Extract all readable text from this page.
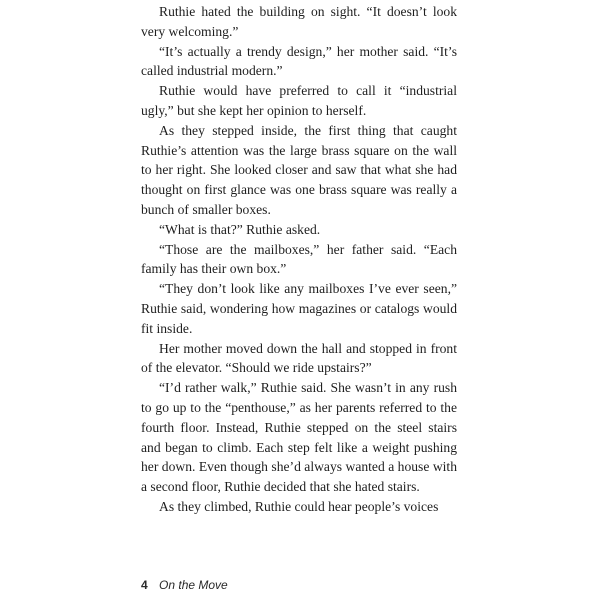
Ruthie hated the building on sight. “It doesn’t look very welcoming.”

“It’s actually a trendy design,” her mother said. “It’s called industrial modern.”

Ruthie would have preferred to call it “industrial ugly,” but she kept her opinion to herself.

As they stepped inside, the first thing that caught Ruthie’s attention was the large brass square on the wall to her right. She looked closer and saw that what she had thought on first glance was one brass square was really a bunch of smaller boxes.

“What is that?” Ruthie asked.

“Those are the mailboxes,” her father said. “Each family has their own box.”

“They don’t look like any mailboxes I’ve ever seen,” Ruthie said, wondering how magazines or catalogs would fit inside.

Her mother moved down the hall and stopped in front of the elevator. “Should we ride upstairs?”

“I’d rather walk,” Ruthie said. She wasn’t in any rush to go up to the “penthouse,” as her parents referred to the fourth floor. Instead, Ruthie stepped on the steel stairs and began to climb. Each step felt like a weight pushing her down. Even though she’d always wanted a house with a second floor, Ruthie decided that she hated stairs.

As they climbed, Ruthie could hear people’s voices

4 On the Move
